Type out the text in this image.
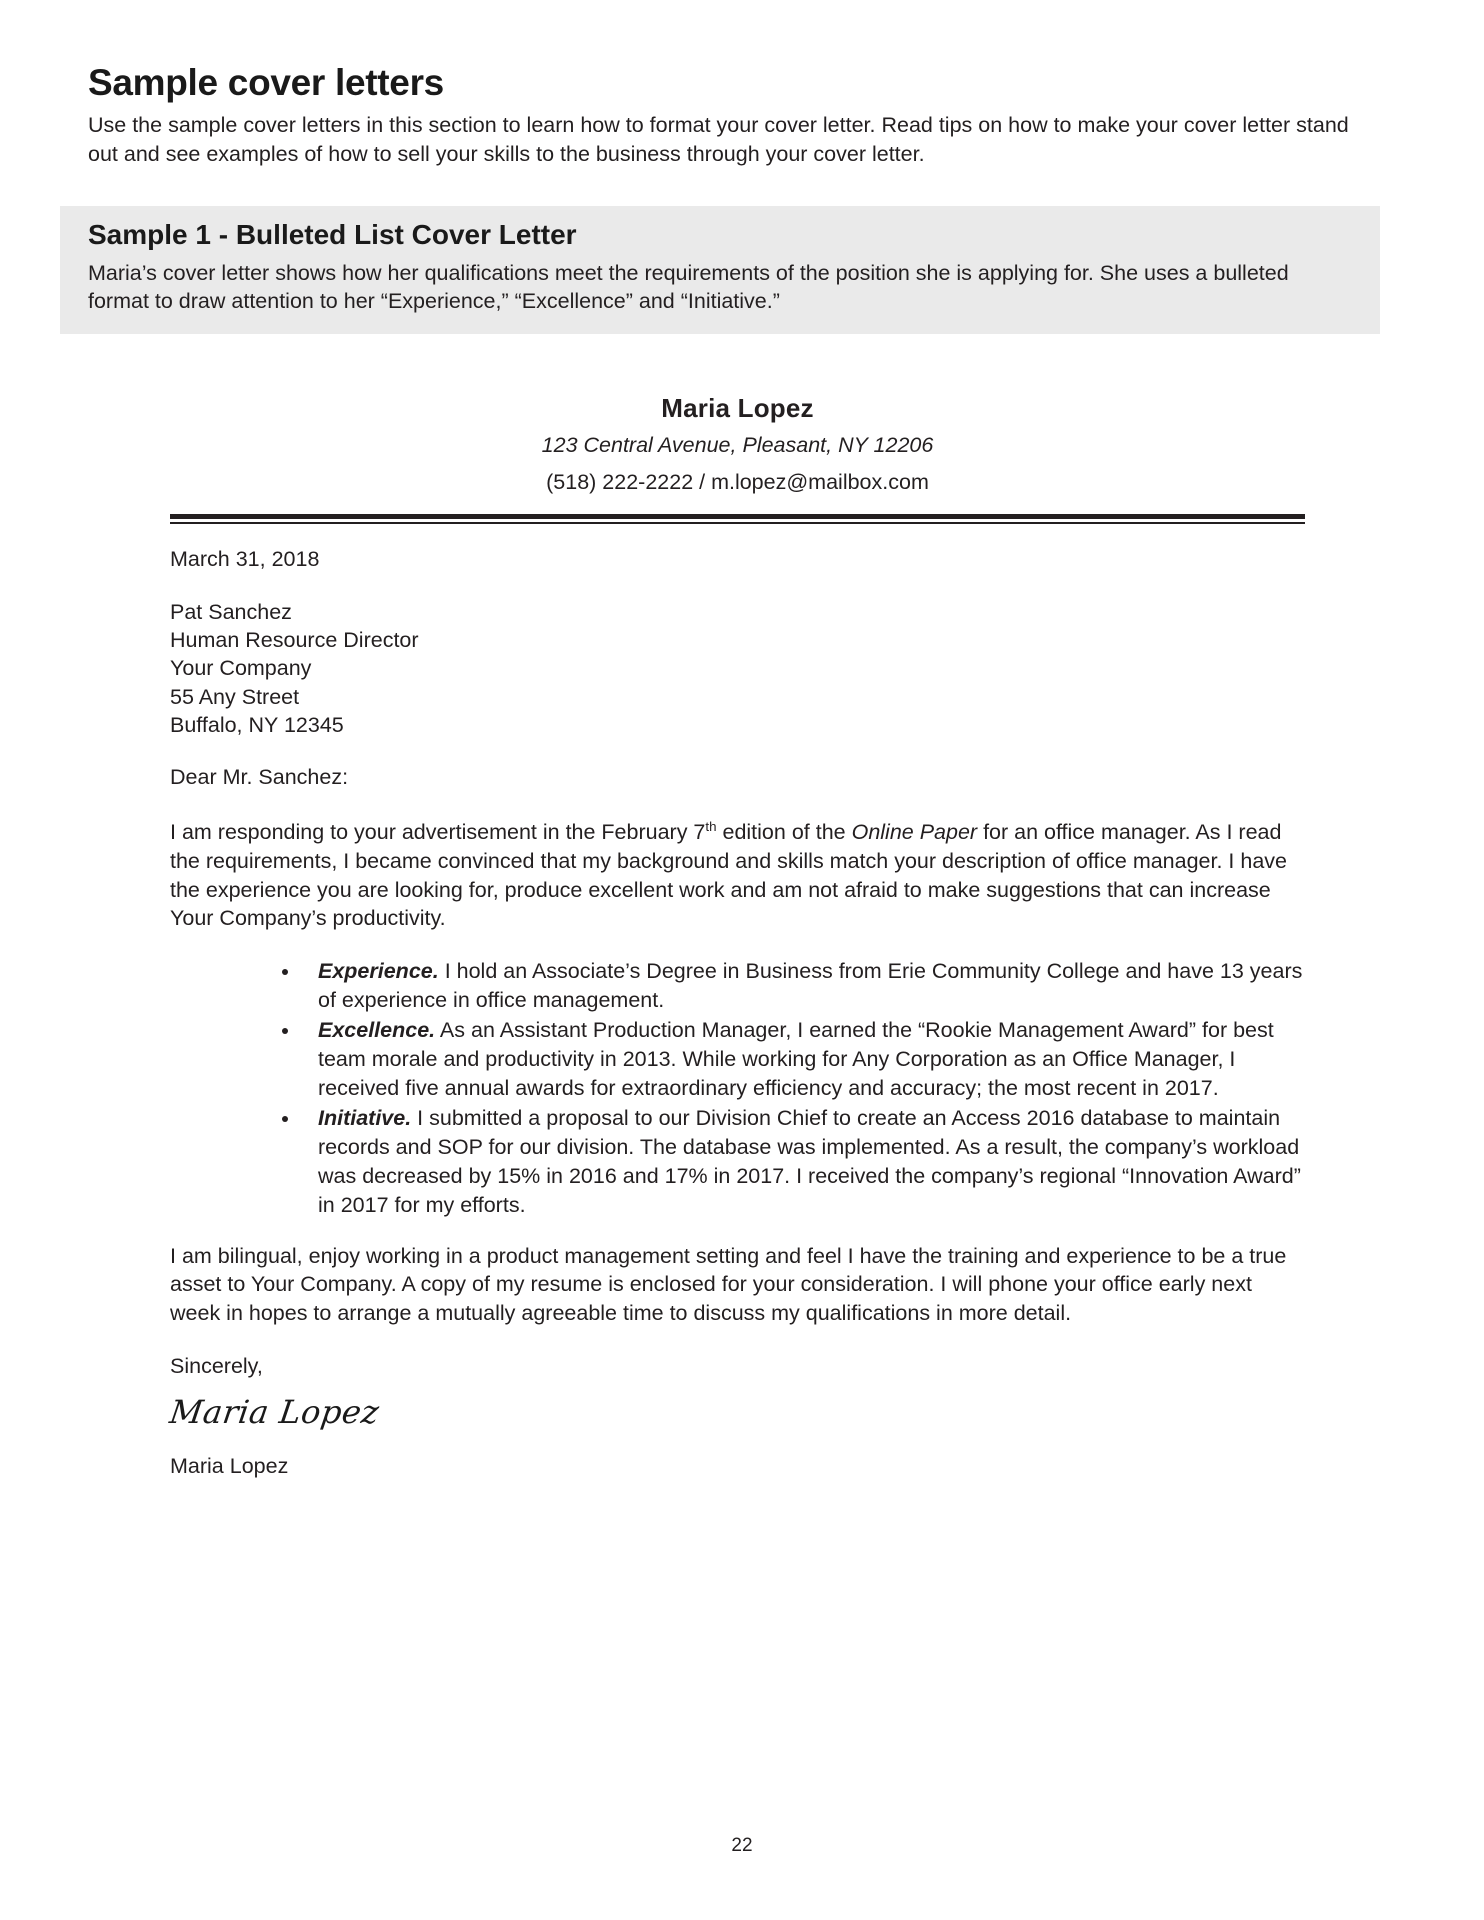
Sample cover letters

Use the sample cover letters in this section to learn how to format your cover letter. Read tips on how to make your cover letter stand out and see examples of how to sell your skills to the business through your cover letter.

Sample 1 - Bulleted List Cover Letter

Maria’s cover letter shows how her qualifications meet the requirements of the position she is applying for. She uses a bulleted format to draw attention to her “Experience,” “Excellence” and “Initiative.”

Maria Lopez
123 Central Avenue, Pleasant, NY 12206
(518) 222-2222 / m.lopez@mailbox.com
March 31, 2018
Pat Sanchez
Human Resource Director
Your Company
55 Any Street
Buffalo, NY 12345
Dear Mr. Sanchez:

I am responding to your advertisement in the February 7th edition of the Online Paper for an office manager. As I read the requirements, I became convinced that my background and skills match your description of office manager. I have the experience you are looking for, produce excellent work and am not afraid to make suggestions that can increase Your Company’s productivity.

Experience. I hold an Associate’s Degree in Business from Erie Community College and have 13 years of experience in office management.
Excellence. As an Assistant Production Manager, I earned the “Rookie Management Award” for best team morale and productivity in 2013. While working for Any Corporation as an Office Manager, I received five annual awards for extraordinary efficiency and accuracy; the most recent in 2017.
Initiative. I submitted a proposal to our Division Chief to create an Access 2016 database to maintain records and SOP for our division. The database was implemented. As a result, the company’s workload was decreased by 15% in 2016 and 17% in 2017. I received the company’s regional “Innovation Award” in 2017 for my efforts.

I am bilingual, enjoy working in a product management setting and feel I have the training and experience to be a true asset to Your Company. A copy of my resume is enclosed for your consideration. I will phone your office early next week in hopes to arrange a mutually agreeable time to discuss my qualifications in more detail.

Sincerely,
Maria Lopez
Maria Lopez
22
